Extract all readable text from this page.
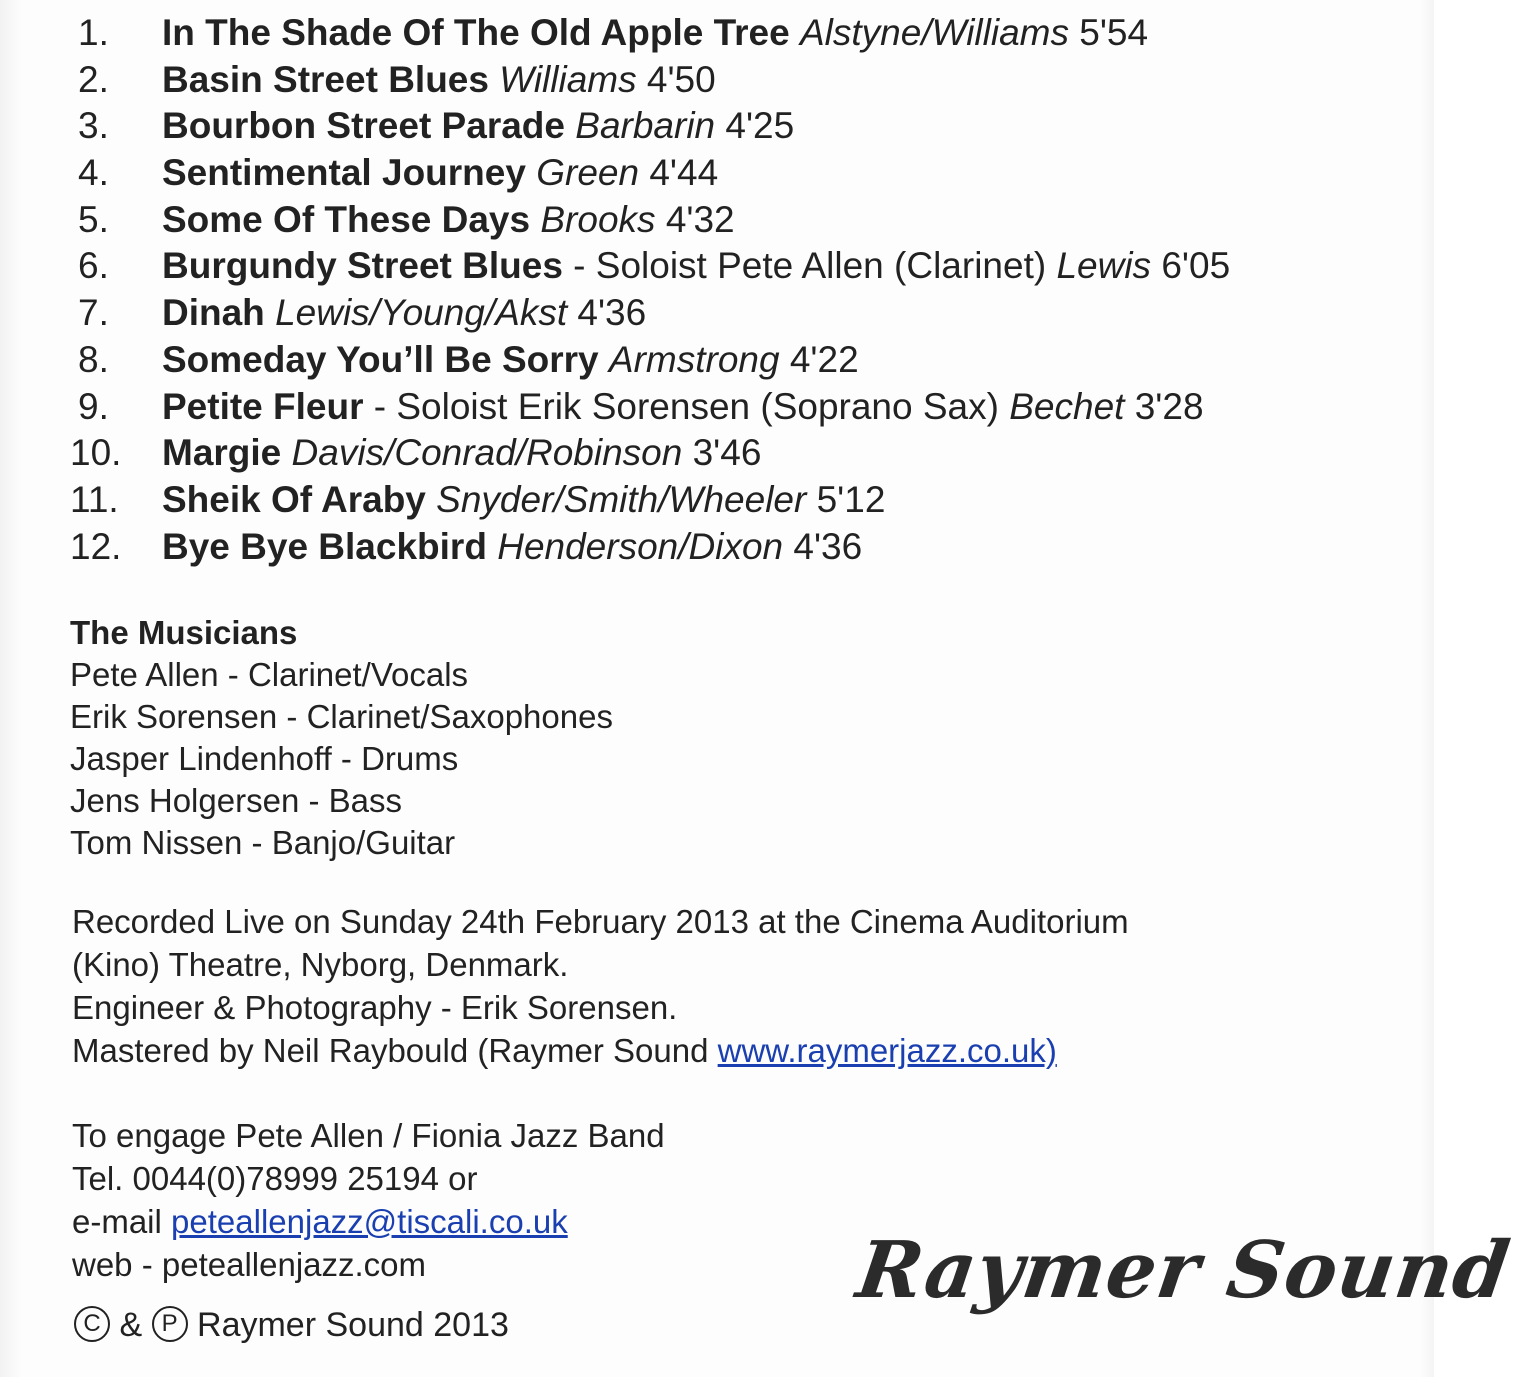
1.	In The Shade Of The Old Apple Tree Alstyne/Williams 5'54
2.	Basin Street Blues Williams 4'50
3.	Bourbon Street Parade Barbarin 4'25
4.	Sentimental Journey Green 4'44
5.	Some Of These Days Brooks 4'32
6.	Burgundy Street Blues - Soloist Pete Allen (Clarinet) Lewis 6'05
7.	Dinah Lewis/Young/Akst 4'36
8.	Someday You’ll Be Sorry Armstrong 4'22
9.	Petite Fleur - Soloist Erik Sorensen (Soprano Sax) Bechet 3'28
10.	Margie Davis/Conrad/Robinson 3'46
11.	Sheik Of Araby Snyder/Smith/Wheeler 5'12
12.	Bye Bye Blackbird Henderson/Dixon 4'36
The Musicians
Pete Allen - Clarinet/Vocals
Erik Sorensen - Clarinet/Saxophones
Jasper Lindenhoff - Drums
Jens Holgersen - Bass
Tom Nissen - Banjo/Guitar
Recorded Live on Sunday 24th February 2013 at the Cinema Auditorium
(Kino) Theatre, Nyborg, Denmark.
Engineer & Photography - Erik Sorensen.
Mastered by Neil Raybould (Raymer Sound www.raymerjazz.co.uk)
To engage Pete Allen / Fionia Jazz Band
Tel. 0044(0)78999 25194 or
e-mail peteallenjazz@tiscali.co.uk
web - peteallenjazz.com
C & P Raymer Sound 2013
Raymer Sound
